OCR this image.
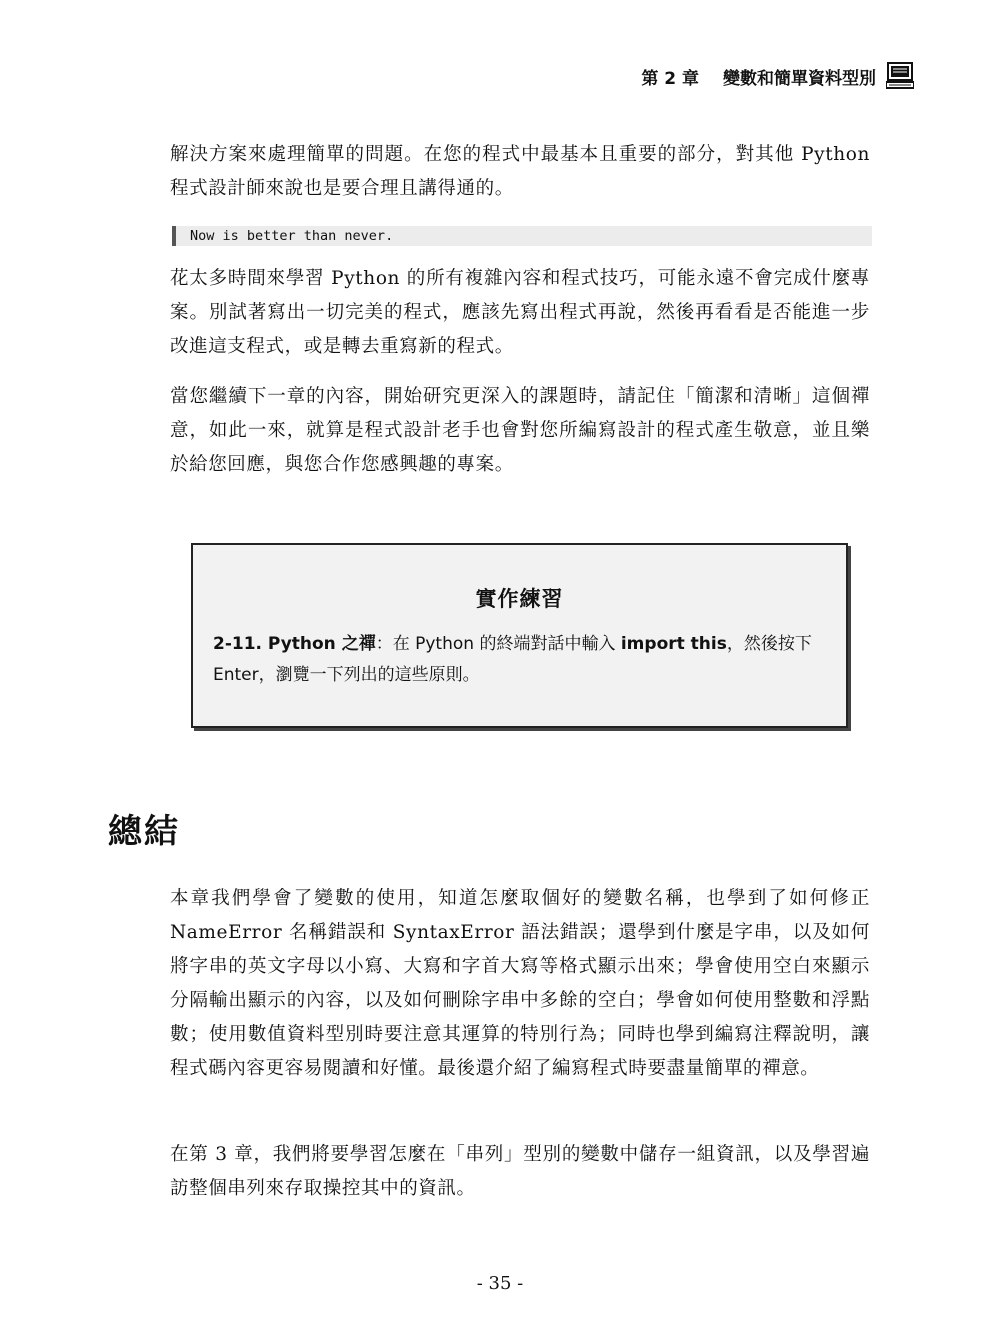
第 2 章 變數和簡單資料型別

解決方案來處理簡單的問題。在您的程式中最基本且重要的部分，對其他 Python 程式設計師來說也是要合理且講得通的。

Now is better than never.

花太多時間來學習 Python 的所有複雜內容和程式技巧，可能永遠不會完成什麼專案。別試著寫出一切完美的程式，應該先寫出程式再說，然後再看看是否能進一步改進這支程式，或是轉去重寫新的程式。

當您繼續下一章的內容，開始研究更深入的課題時，請記住「簡潔和清晰」這個禪意，如此一來，就算是程式設計老手也會對您所編寫設計的程式產生敬意，並且樂於給您回應，與您合作您感興趣的專案。

實作練習
2-11. Python 之禪：在 Python 的終端對話中輸入 import this，然後按下 Enter，瀏覽一下列出的這些原則。
總結

本章我們學會了變數的使用，知道怎麼取個好的變數名稱，也學到了如何修正 NameError 名稱錯誤和 SyntaxError 語法錯誤；還學到什麼是字串，以及如何將字串的英文字母以小寫、大寫和字首大寫等格式顯示出來；學會使用空白來顯示分隔輸出顯示的內容，以及如何刪除字串中多餘的空白；學會如何使用整數和浮點數；使用數值資料型別時要注意其運算的特別行為；同時也學到編寫注釋說明，讓程式碼內容更容易閱讀和好懂。最後還介紹了編寫程式時要盡量簡單的禪意。

在第 3 章，我們將要學習怎麼在「串列」型別的變數中儲存一組資訊，以及學習遍訪整個串列來存取操控其中的資訊。

- 35 -
